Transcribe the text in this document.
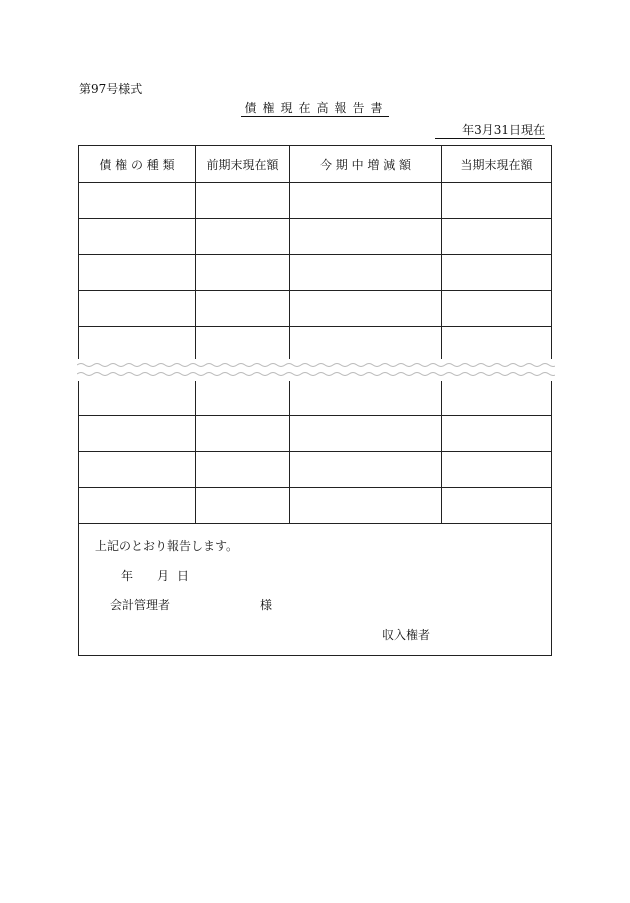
第97号様式
債権現在高報告書
年3月31日現在
債 権 の 種 類	前期末現在額	今 期 中 増 減 額	当期末現在額
上記のとおり報告します。
年 月 日
会計管理者	様
収入権者
